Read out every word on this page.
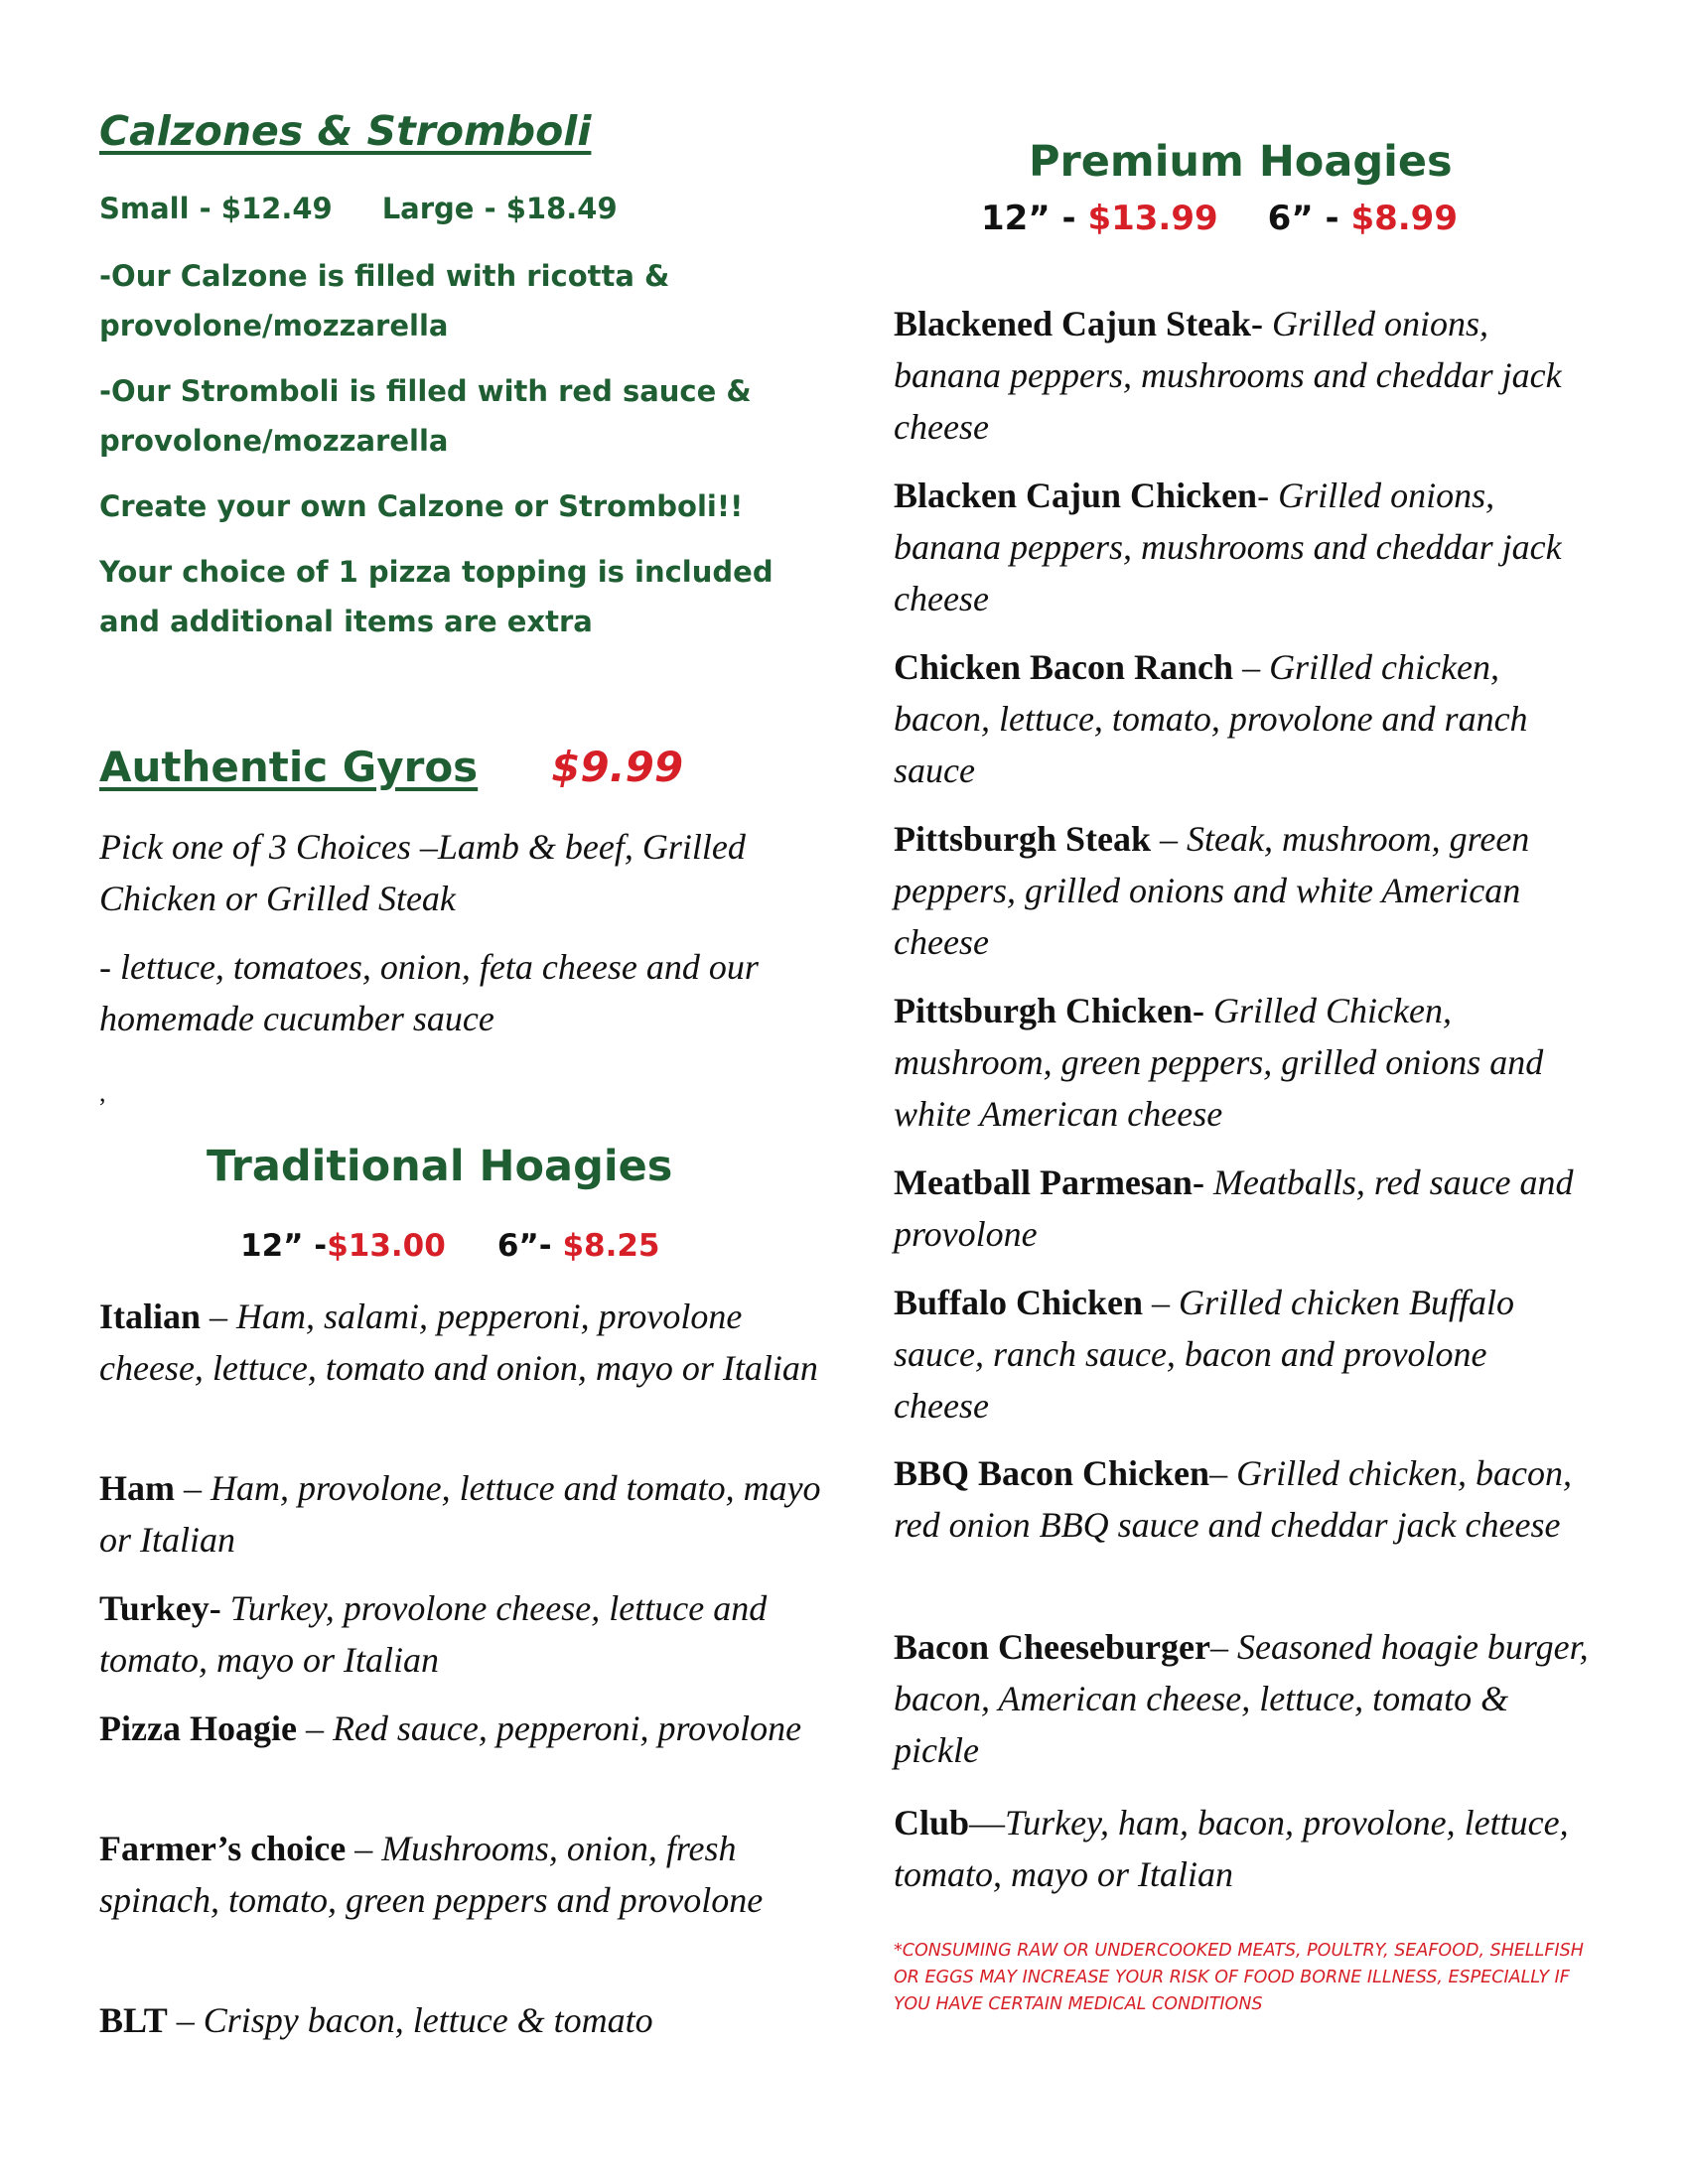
Calzones & Stromboli
Small - $12.49 Large - $18.49
-Our Calzone is filled with ricotta & provolone/mozzarella
-Our Stromboli is filled with red sauce & provolone/mozzarella
Create your own Calzone or Stromboli!!
Your choice of 1 pizza topping is included and additional items are extra
Authentic Gyros $9.99
Pick one of 3 Choices –Lamb & beef, Grilled Chicken or Grilled Steak
- lettuce, tomatoes, onion, feta cheese and our homemade cucumber sauce
,
Traditional Hoagies
12” -$13.00 6”- $8.25
Italian – Ham, salami, pepperoni, provolone cheese, lettuce, tomato and onion, mayo or Italian
Ham – Ham, provolone, lettuce and tomato, mayo or Italian
Turkey- Turkey, provolone cheese, lettuce and tomato, mayo or Italian
Pizza Hoagie – Red sauce, pepperoni, provolone
Farmer’s choice – Mushrooms, onion, fresh spinach, tomato, green peppers and provolone
BLT – Crispy bacon, lettuce & tomato
Premium Hoagies
12” - $13.99 6” - $8.99
Blackened Cajun Steak- Grilled onions, banana peppers, mushrooms and cheddar jack cheese
Blacken Cajun Chicken- Grilled onions, banana peppers, mushrooms and cheddar jack cheese
Chicken Bacon Ranch – Grilled chicken, bacon, lettuce, tomato, provolone and ranch sauce
Pittsburgh Steak – Steak, mushroom, green peppers, grilled onions and white American cheese
Pittsburgh Chicken- Grilled Chicken, mushroom, green peppers, grilled onions and white American cheese
Meatball Parmesan- Meatballs, red sauce and provolone
Buffalo Chicken – Grilled chicken Buffalo sauce, ranch sauce, bacon and provolone cheese
BBQ Bacon Chicken– Grilled chicken, bacon, red onion BBQ sauce and cheddar jack cheese
Bacon Cheeseburger– Seasoned hoagie burger, bacon, American cheese, lettuce, tomato & pickle
Club—Turkey, ham, bacon, provolone, lettuce, tomato, mayo or Italian
*CONSUMING RAW OR UNDERCOOKED MEATS, POULTRY, SEAFOOD, SHELLFISH OR EGGS MAY INCREASE YOUR RISK OF FOOD BORNE ILLNESS, ESPECIALLY IF YOU HAVE CERTAIN MEDICAL CONDITIONS
